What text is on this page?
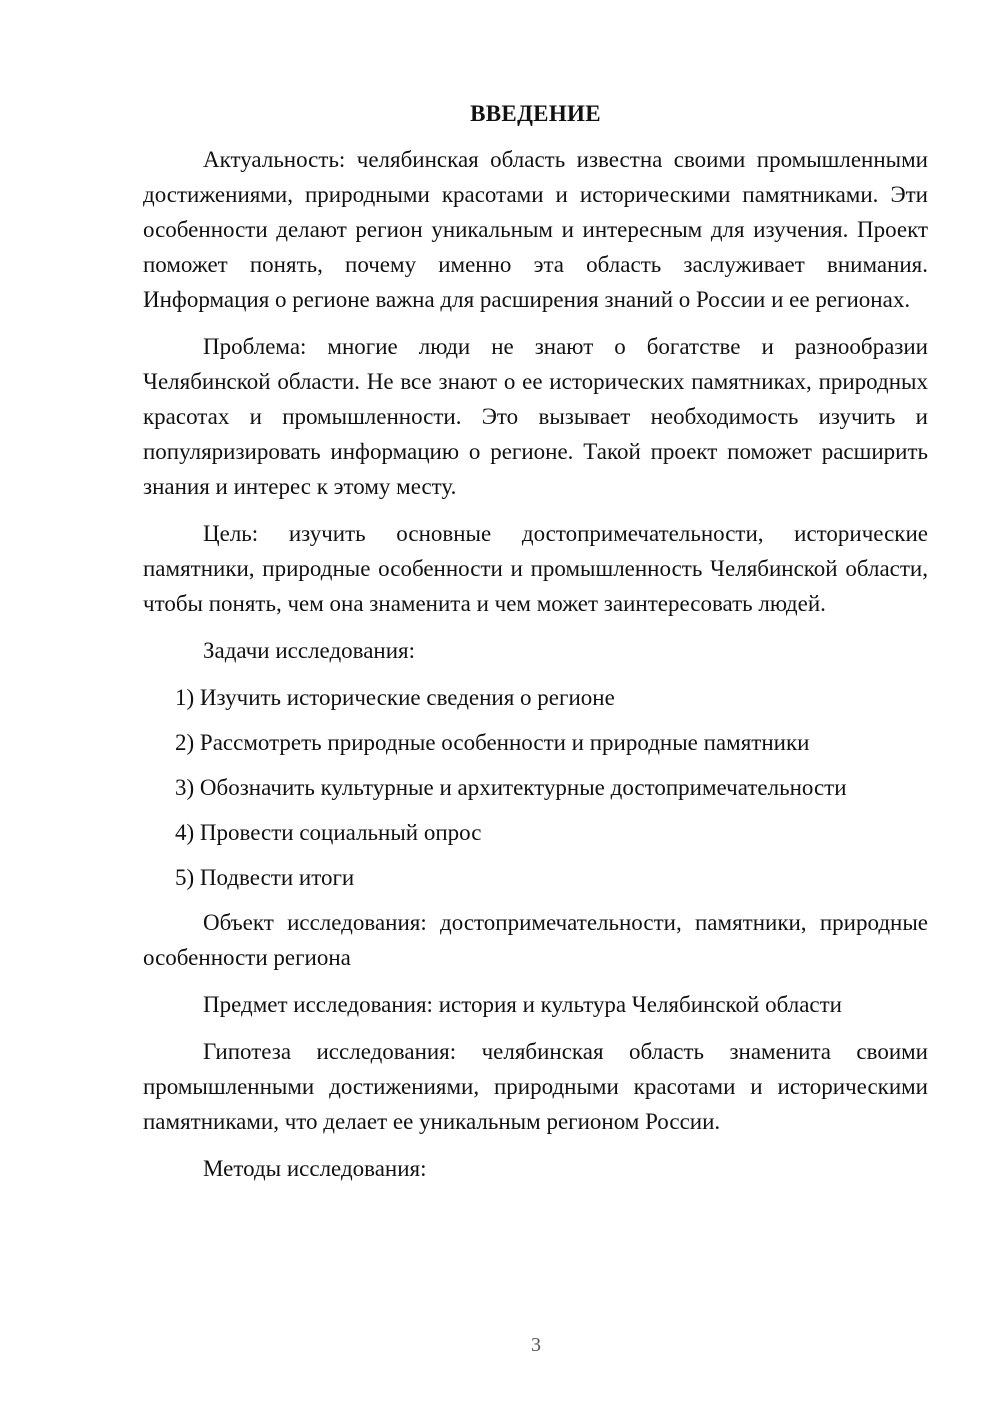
ВВЕДЕНИЕ

Актуальность: челябинская область известна своими промышленными достижениями, природными красотами и историческими памятниками. Эти особенности делают регион уникальным и интересным для изучения. Проект поможет понять, почему именно эта область заслуживает внимания. Информация о регионе важна для расширения знаний о России и ее регионах.

Проблема: многие люди не знают о богатстве и разнообразии Челябинской области. Не все знают о ее исторических памятниках, природных красотах и промышленности. Это вызывает необходимость изучить и популяризировать информацию о регионе. Такой проект поможет расширить знания и интерес к этому месту.

Цель: изучить основные достопримечательности, исторические памятники, природные особенности и промышленность Челябинской области, чтобы понять, чем она знаменита и чем может заинтересовать людей.

Задачи исследования:

1) Изучить исторические сведения о регионе
2) Рассмотреть природные особенности и природные памятники
3) Обозначить культурные и архитектурные достопримечательности
4) Провести социальный опрос
5) Подвести итоги

Объект исследования: достопримечательности, памятники, природные особенности региона

Предмет исследования: история и культура Челябинской области

Гипотеза исследования: челябинская область знаменита своими промышленными достижениями, природными красотами и историческими памятниками, что делает ее уникальным регионом России.

Методы исследования:

3
